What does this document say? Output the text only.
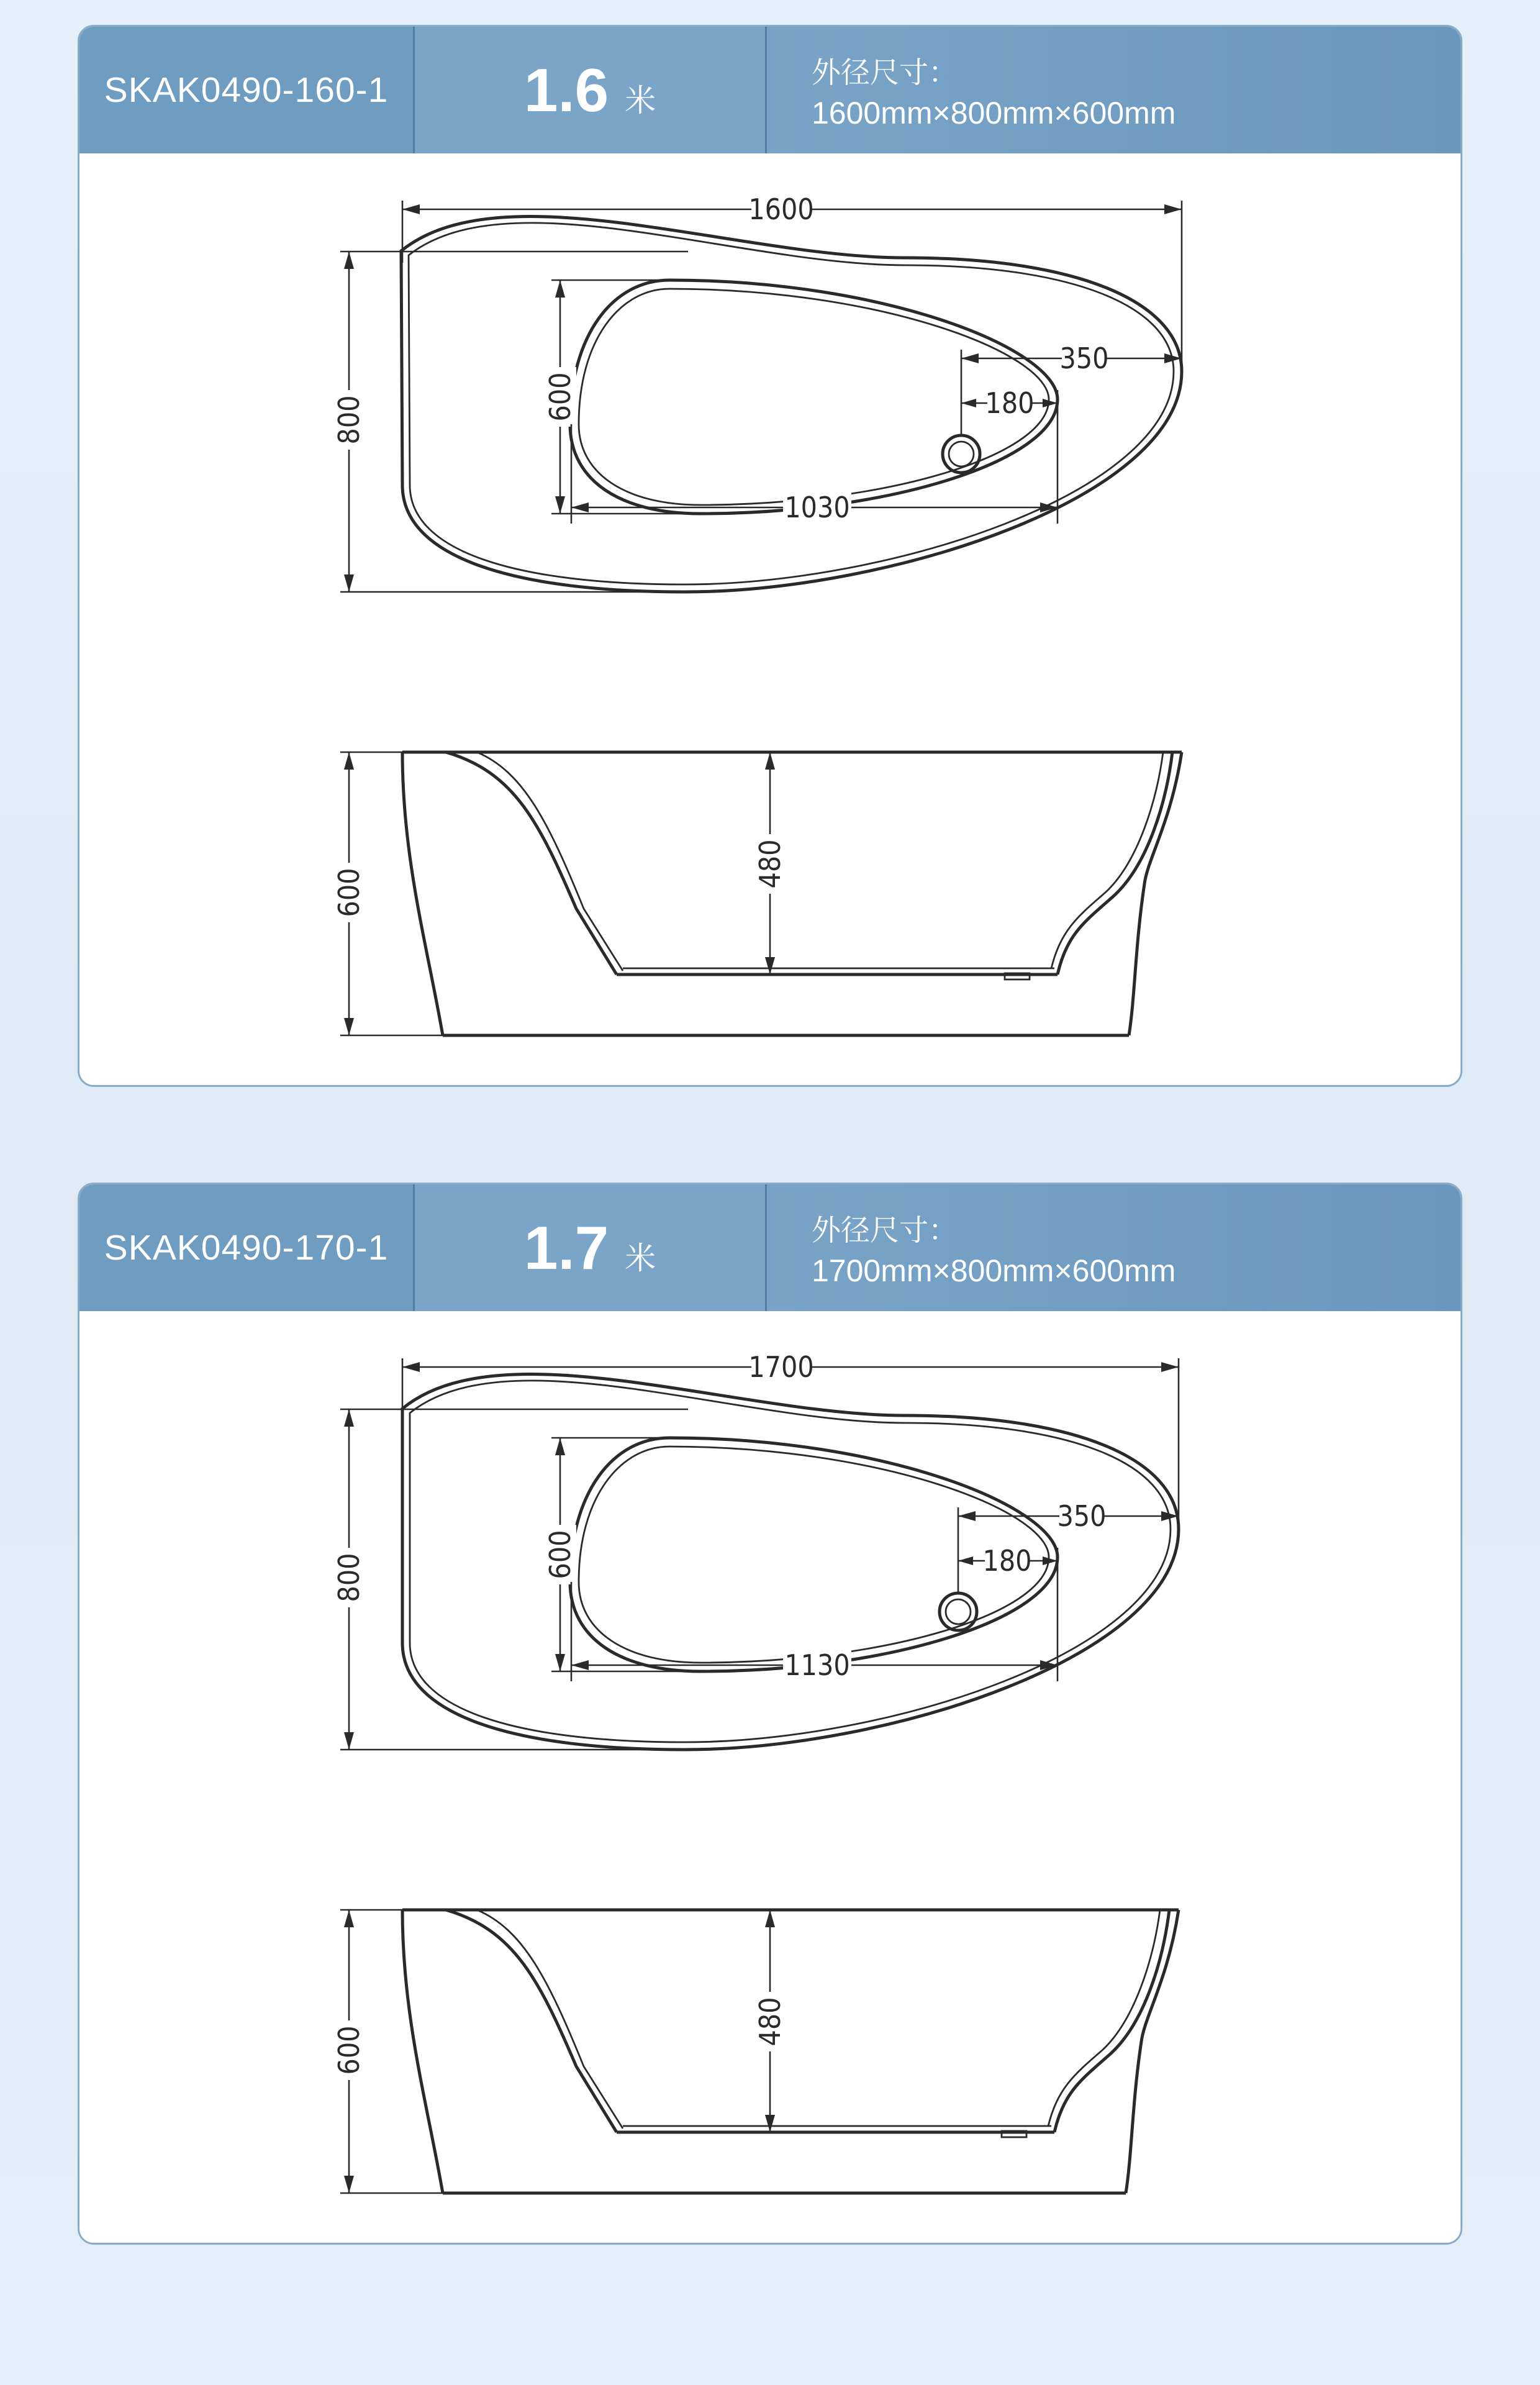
SKAK0490-160-1 1.6 米
外径尺寸：
1600mm×800mm×600mm
1600
800	600
1030
350
180
600
480
SKAK0490-170-1 1.7 米
外径尺寸：
1700mm×800mm×600mm
1700
800	600
1130
350
180
600
480
